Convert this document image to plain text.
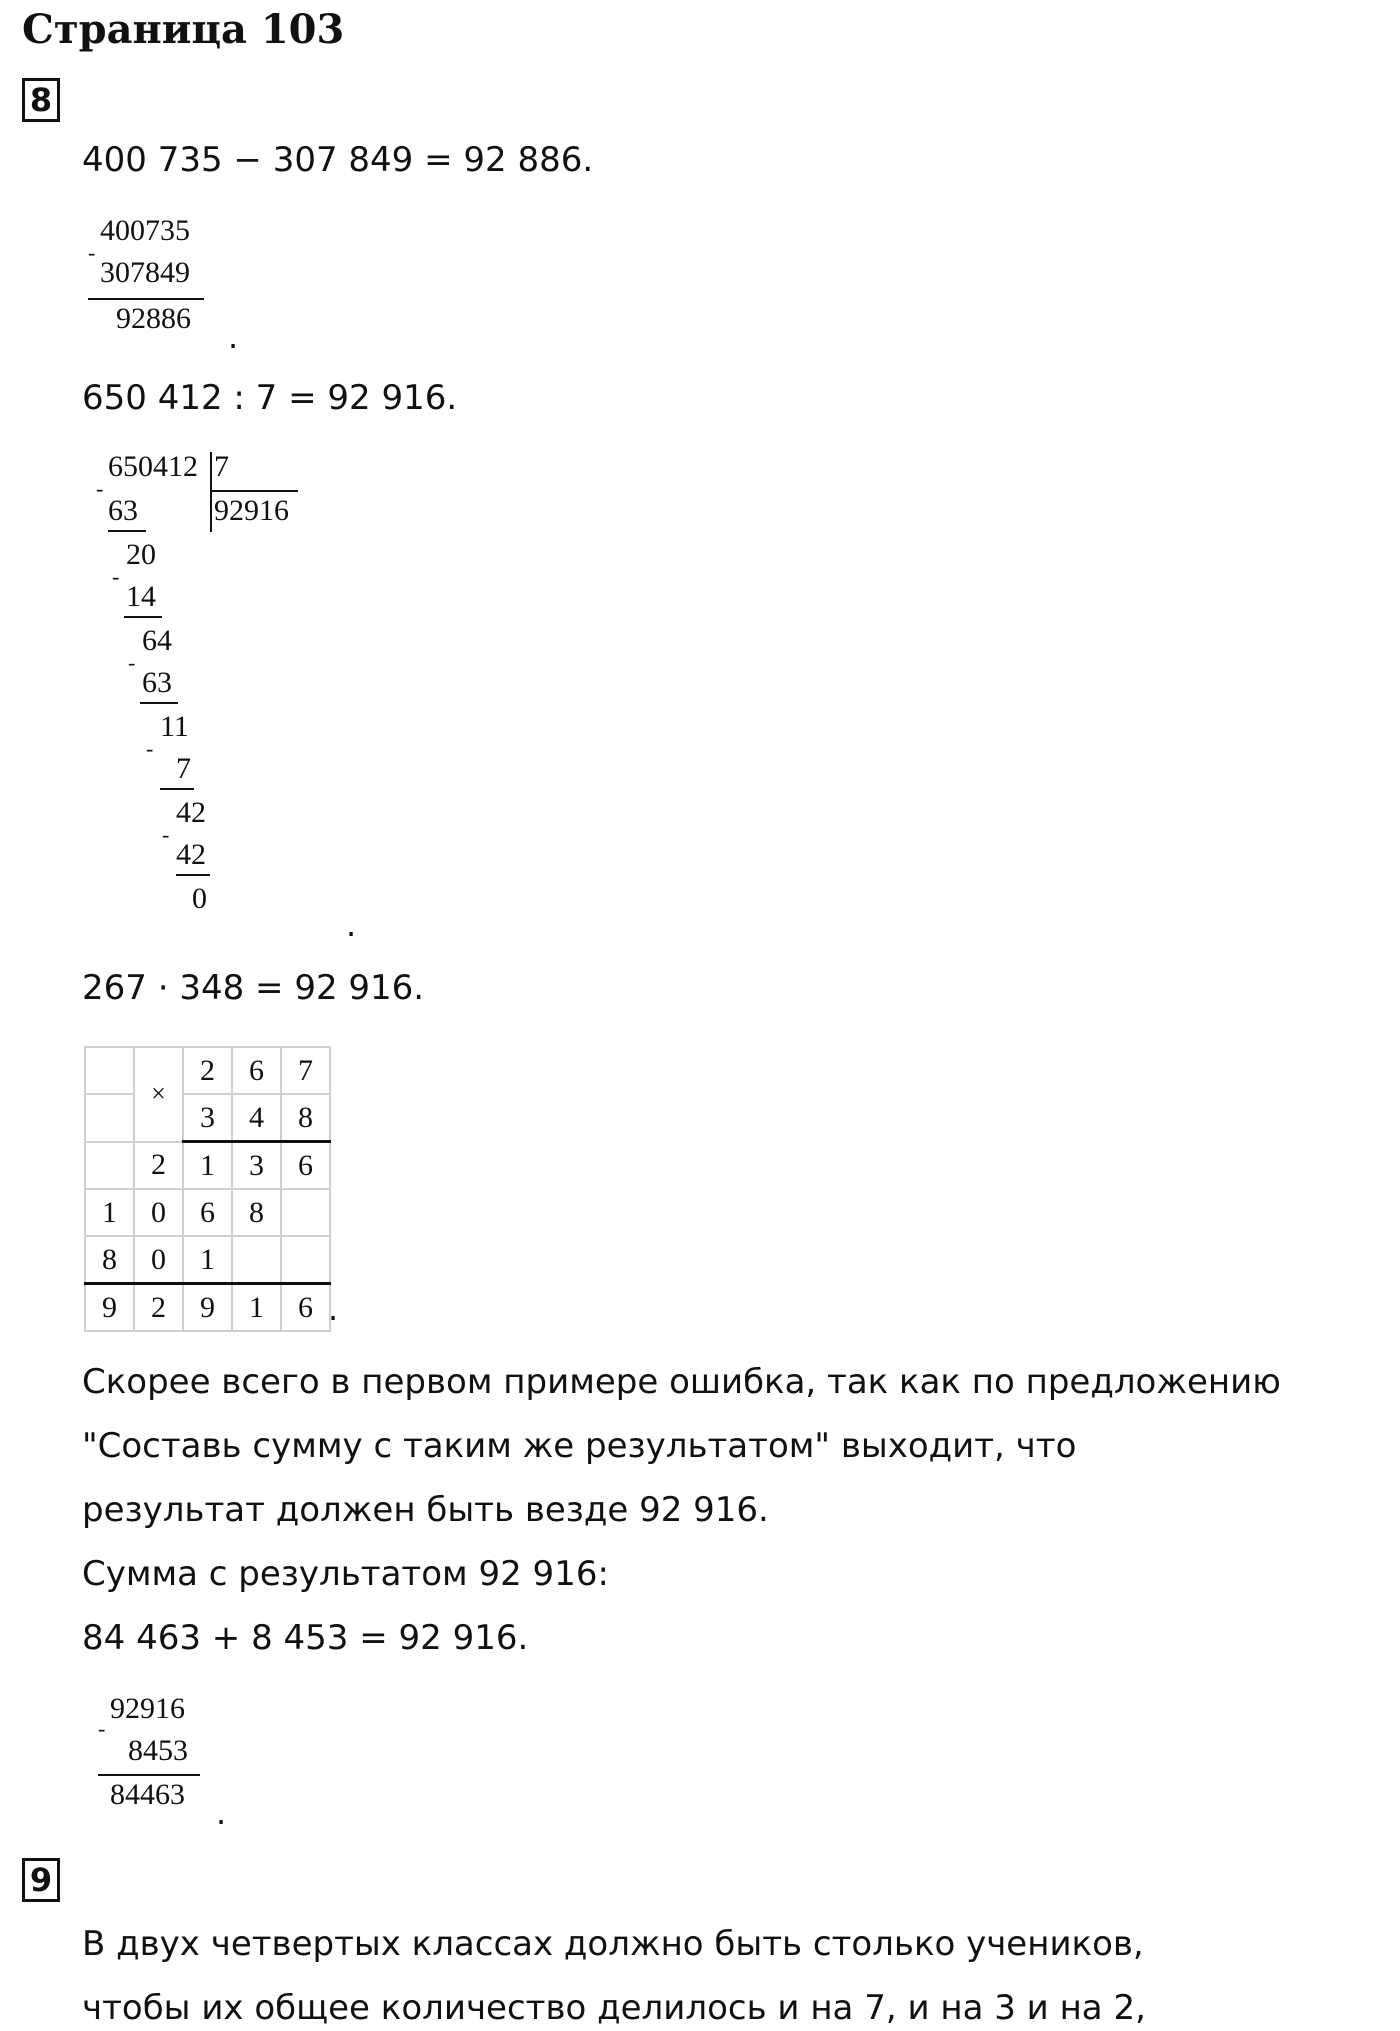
Страница 103
8
400 735 − 307 849 = 92 886.
400735
-
307849
92886 .
650 412 : 7 = 92 916.
650412 7
92916
-
63
20
-
14
64
-
63
11
-
7
42
-
42
0
.
267 · 348 = 92 916.
	×	2	6	7
		3	4	8
	2	1	3	6
1	0	6	8	
8	0	1		
9	2	9	1	6 .
Скорее всего в первом примере ошибка, так как по предложению
"Составь сумму с таким же результатом" выходит, что
результат должен быть везде 92 916.
Сумма с результатом 92 916:
84 463 + 8 453 = 92 916.
92916
-
8453
84463 .
9
В двух четвертых классах должно быть столько учеников,
чтобы их общее количество делилось и на 7, и на 3 и на 2,
